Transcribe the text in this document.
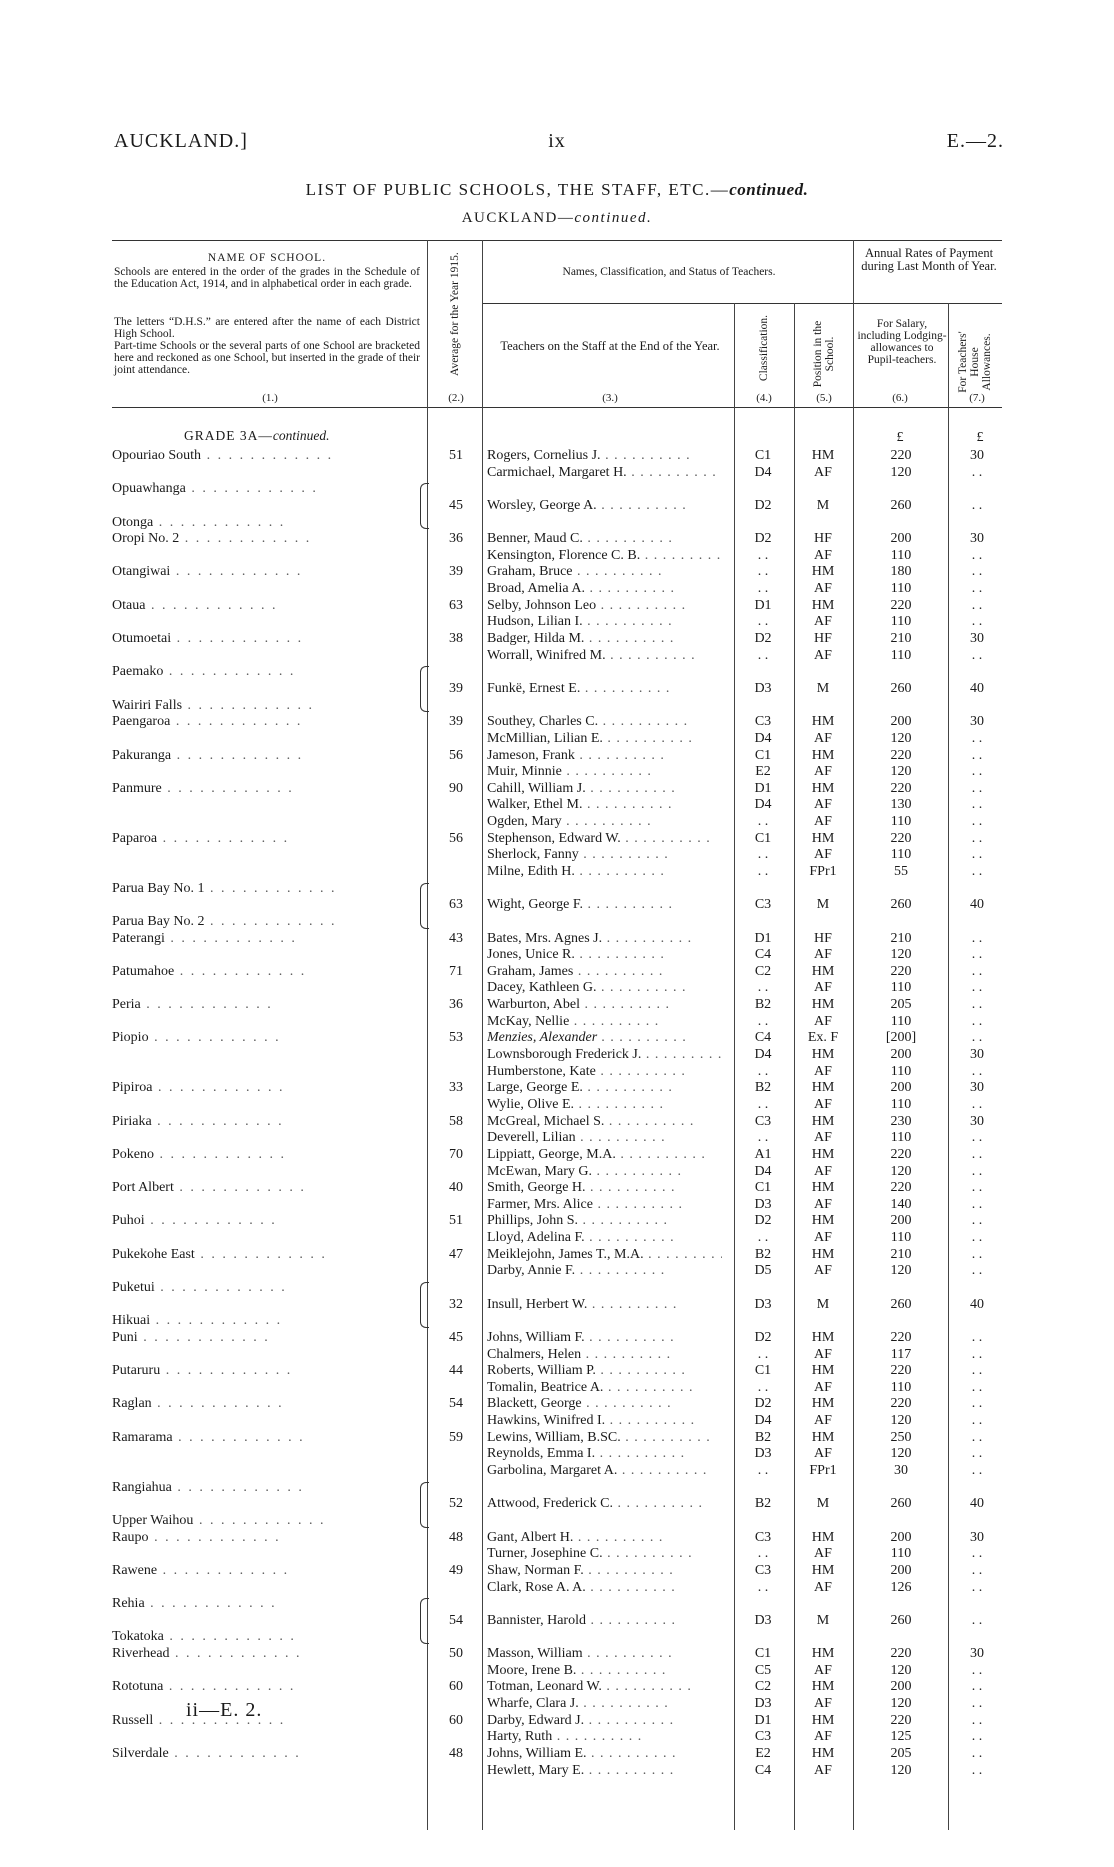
AUCKLAND.]	ix	E.—2.
LIST OF PUBLIC SCHOOLS, THE STAFF, ETC.—continued.
AUCKLAND—continued.
NAME OF SCHOOL.
Schools are entered in the order of the grades in the Schedule of the Education Act, 1914, and in alphabetical order in each grade.
The letters “D.H.S.” are entered after the name of each District High School.
Part-time Schools or the several parts of one School are bracketed here and reckoned as one School, but inserted in the grade of their joint attendance.
(1.)
Average for the Year 1915.
(2.)
Names, Classification, and Status of Teachers.
Teachers on the Staff at the End of the Year.
(3.)
Classification.
(4.)
Position in the School.
(5.)
Annual Rates of Payment during Last Month of Year.
For Salary, including Lodging-allowances to Pupil-teachers.
(6.)
For Teachers' House Allowances.
(7.)
GRADE 3A—continued.	£	£
Opouriao South . .	51	Rogers, Cornelius J. . .	C1	HM	220	30
Carmichael, Margaret H. . .	D4	AF	120	. .
Opuawhanga . .
45	Worsley, George A. . .	D2	M	260	. .
Otonga . .
Oropi No. 2 . .	36	Benner, Maud C. . .	D2	HF	200	30
Kensington, Florence C. B. . .	. .	AF	110	. .
Otangiwai . .	39	Graham, Bruce . .	. .	HM	180	. .
Broad, Amelia A. . .	. .	AF	110	. .
Otaua . .	63	Selby, Johnson Leo . .	D1	HM	220	. .
Hudson, Lilian I. . .	. .	AF	110	. .
Otumoetai . .	38	Badger, Hilda M. . .	D2	HF	210	30
Worrall, Winifred M. . .	. .	AF	110	. .
Paemako . .
39	Funkë, Ernest E. . .	D3	M	260	40
Wairiri Falls . .
Paengaroa . .	39	Southey, Charles C. . .	C3	HM	200	30
McMillian, Lilian E. . .	D4	AF	120	. .
Pakuranga . .	56	Jameson, Frank . .	C1	HM	220	. .
Muir, Minnie . .	E2	AF	120	. .
Panmure . .	90	Cahill, William J. . .	D1	HM	220	. .
Walker, Ethel M. . .	D4	AF	130	. .
Ogden, Mary . .	. .	AF	110	. .
Paparoa . .	56	Stephenson, Edward W. . .	C1	HM	220	. .
Sherlock, Fanny . .	. .	AF	110	. .
Milne, Edith H. . .	. .	FPr1	55	. .
Parua Bay No. 1 . .
63	Wight, George F. . .	C3	M	260	40
Parua Bay No. 2 . .
Paterangi . .	43	Bates, Mrs. Agnes J. . .	D1	HF	210	. .
Jones, Unice R. . .	C4	AF	120	. .
Patumahoe . .	71	Graham, James . .	C2	HM	220	. .
Dacey, Kathleen G. . .	. .	AF	110	. .
Peria . .	36	Warburton, Abel . .	B2	HM	205	. .
McKay, Nellie . .	. .	AF	110	. .
Piopio . .	53	Menzies, Alexander . .	C4	Ex. F	[200]	. .
Lownsborough Frederick J. . .	D4	HM	200	30
Humberstone, Kate . .	. .	AF	110	. .
Pipiroa . .	33	Large, George E. . .	B2	HM	200	30
Wylie, Olive E. . .	. .	AF	110	. .
Piriaka . .	58	McGreal, Michael S. . .	C3	HM	230	30
Deverell, Lilian . .	. .	AF	110	. .
Pokeno . .	70	Lippiatt, George, M.A. . .	A1	HM	220	. .
McEwan, Mary G. . .	D4	AF	120	. .
Port Albert . .	40	Smith, George H. . .	C1	HM	220	. .
Farmer, Mrs. Alice . .	D3	AF	140	. .
Puhoi . .	51	Phillips, John S. . .	D2	HM	200	. .
Lloyd, Adelina F. . .	. .	AF	110	. .
Pukekohe East . .	47	Meiklejohn, James T., M.A. . .	B2	HM	210	. .
Darby, Annie F. . .	D5	AF	120	. .
Puketui . .
32	Insull, Herbert W. . .	D3	M	260	40
Hikuai . .
Puni . .	45	Johns, William F. . .	D2	HM	220	. .
Chalmers, Helen . .	. .	AF	117	. .
Putaruru . .	44	Roberts, William P. . .	C1	HM	220	. .
Tomalin, Beatrice A. . .	. .	AF	110	. .
Raglan . .	54	Blackett, George . .	D2	HM	220	. .
Hawkins, Winifred I. . .	D4	AF	120	. .
Ramarama . .	59	Lewins, William, B.SC. . .	B2	HM	250	. .
Reynolds, Emma I. . .	D3	AF	120	. .
Garbolina, Margaret A. . .	. .	FPr1	30	. .
Rangiahua . .
52	Attwood, Frederick C. . .	B2	M	260	40
Upper Waihou . .
Raupo . .	48	Gant, Albert H. . .	C3	HM	200	30
Turner, Josephine C. . .	. .	AF	110	. .
Rawene . .	49	Shaw, Norman F. . .	C3	HM	200	. .
Clark, Rose A. A. . .	. .	AF	126	. .
Rehia . .
54	Bannister, Harold . .	D3	M	260	. .
Tokatoka . .
Riverhead . .	50	Masson, William . .	C1	HM	220	30
Moore, Irene B. . .	C5	AF	120	. .
Rototuna . .	60	Totman, Leonard W. . .	C2	HM	200	. .
Wharfe, Clara J. . .	D3	AF	120	. .
Russell . .	60	Darby, Edward J. . .	D1	HM	220	. .
Harty, Ruth . .	C3	AF	125	. .
Silverdale . .	48	Johns, William E. . .	E2	HM	205	. .
Hewlett, Mary E. . .	C4	AF	120	. .
ii—E. 2.
